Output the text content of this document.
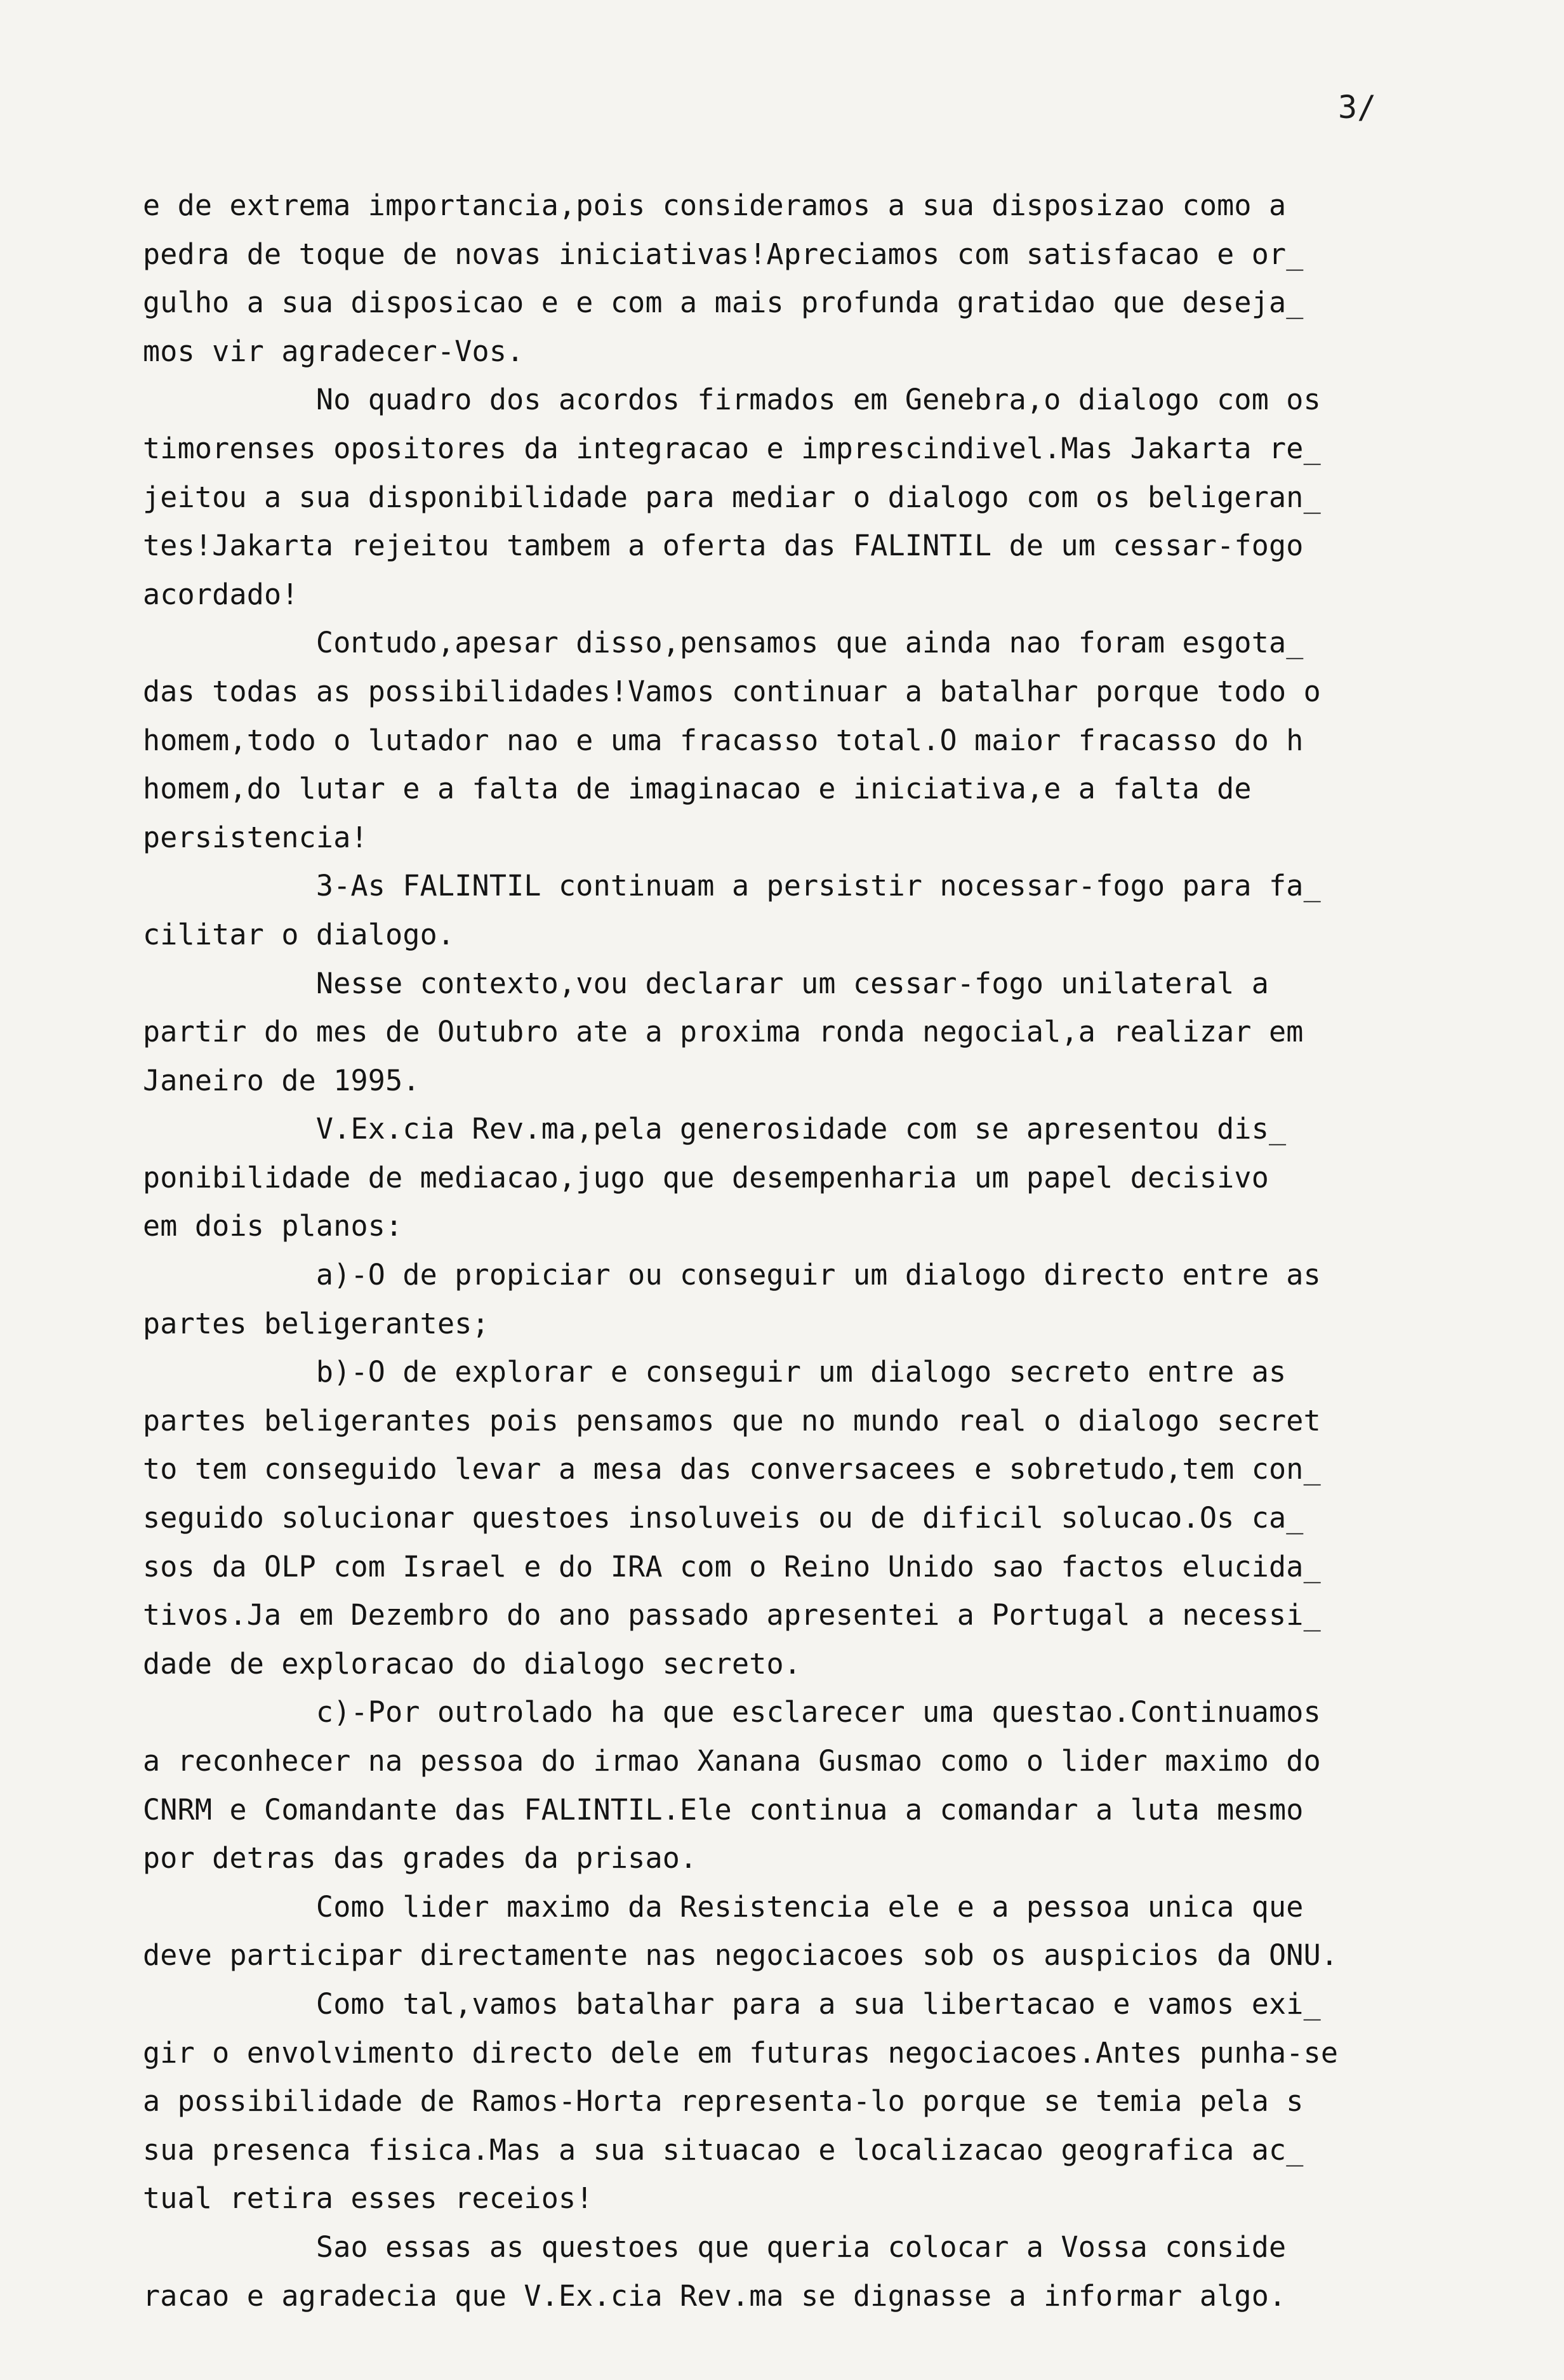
3/
e de extrema importancia,pois consideramos a sua disposizao como a
pedra de toque de novas iniciativas!Apreciamos com satisfacao e or_
gulho a sua disposicao e e com a mais profunda gratidao que deseja_
mos vir agradecer-Vos.
No quadro dos acordos firmados em Genebra,o dialogo com os
timorenses opositores da integracao e imprescindivel.Mas Jakarta re_
jeitou a sua disponibilidade para mediar o dialogo com os beligeran_
tes!Jakarta rejeitou tambem a oferta das FALINTIL de um cessar-fogo
acordado!
Contudo,apesar disso,pensamos que ainda nao foram esgota_
das todas as possibilidades!Vamos continuar a batalhar porque todo o
homem,todo o lutador nao e uma fracasso total.O maior fracasso do h
homem,do lutar e a falta de imaginacao e iniciativa,e a falta de
persistencia!
3-As FALINTIL continuam a persistir nocessar-fogo para fa_
cilitar o dialogo.
Nesse contexto,vou declarar um cessar-fogo unilateral a
partir do mes de Outubro ate a proxima ronda negocial,a realizar em
Janeiro de 1995.
V.Ex.cia Rev.ma,pela generosidade com se apresentou dis_
ponibilidade de mediacao,jugo que desempenharia um papel decisivo
em dois planos:
a)-O de propiciar ou conseguir um dialogo directo entre as
partes beligerantes;
b)-O de explorar e conseguir um dialogo secreto entre as
partes beligerantes pois pensamos que no mundo real o dialogo secret
to tem conseguido levar a mesa das conversacees e sobretudo,tem con_
seguido solucionar questoes insoluveis ou de dificil solucao.Os ca_
sos da OLP com Israel e do IRA com o Reino Unido sao factos elucida_
tivos.Ja em Dezembro do ano passado apresentei a Portugal a necessi_
dade de exploracao do dialogo secreto.
c)-Por outrolado ha que esclarecer uma questao.Continuamos
a reconhecer na pessoa do irmao Xanana Gusmao como o lider maximo do
CNRM e Comandante das FALINTIL.Ele continua a comandar a luta mesmo
por detras das grades da prisao.
Como lider maximo da Resistencia ele e a pessoa unica que
deve participar directamente nas negociacoes sob os auspicios da ONU.
Como tal,vamos batalhar para a sua libertacao e vamos exi_
gir o envolvimento directo dele em futuras negociacoes.Antes punha-se
a possibilidade de Ramos-Horta representa-lo porque se temia pela s
sua presenca fisica.Mas a sua situacao e localizacao geografica ac_
tual retira esses receios!
Sao essas as questoes que queria colocar a Vossa conside
racao e agradecia que V.Ex.cia Rev.ma se dignasse a informar algo.
